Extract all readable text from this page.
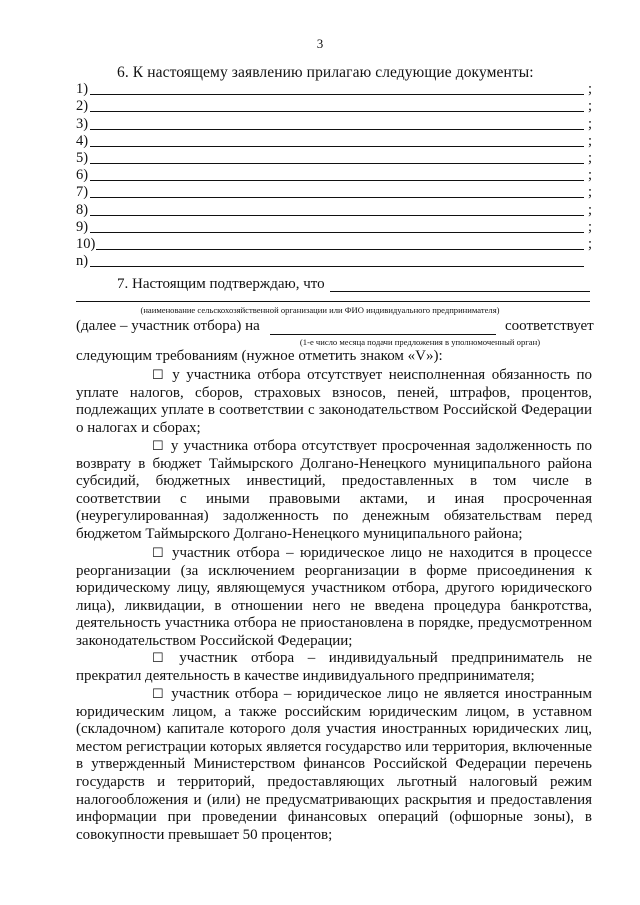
3
6. К настоящему заявлению прилагаю следующие документы:
1)	;
2)	;
3)	;
4)	;
5)	;
6)	;
7)	;
8)	;
9)	;
10)	;
n)
7. Настоящим подтверждаю, что
(наименование сельскохозяйственной организации или ФИО индивидуального предпринимателя)
(далее – участник отбора) на	соответствует
(1-е число месяца подачи предложения в уполномоченный орган)
следующим требованиям (нужное отметить знаком «V»):

☐ у участника отбора отсутствует неисполненная обязанность по уплате налогов, сборов, страховых взносов, пеней, штрафов, процентов, подлежащих уплате в соответствии с законодательством Российской Федерации о налогах и сборах;

☐ у участника отбора отсутствует просроченная задолженность по возврату в бюджет Таймырского Долгано-Ненецкого муниципального района субсидий, бюджетных инвестиций, предоставленных в том числе в соответствии с иными правовыми актами, и иная просроченная (неурегулированная) задолженность по денежным обязательствам перед бюджетом Таймырского Долгано-Ненецкого муниципального района;

☐ участник отбора – юридическое лицо не находится в процессе реорганизации (за исключением реорганизации в форме присоединения к юридическому лицу, являющемуся участником отбора, другого юридического лица), ликвидации, в отношении него не введена процедура банкротства, деятельность участника отбора не приостановлена в порядке, предусмотренном законодательством Российской Федерации;

☐ участник отбора – индивидуальный предприниматель не прекратил деятельность в качестве индивидуального предпринимателя;

☐ участник отбора – юридическое лицо не является иностранным юридическим лицом, а также российским юридическим лицом, в уставном (складочном) капитале которого доля участия иностранных юридических лиц, местом регистрации которых является государство или территория, включенные в утвержденный Министерством финансов Российской Федерации перечень государств и территорий, предоставляющих льготный налоговый режим налогообложения и (или) не предусматривающих раскрытия и предоставления информации при проведении финансовых операций (офшорные зоны), в совокупности превышает 50 процентов;
